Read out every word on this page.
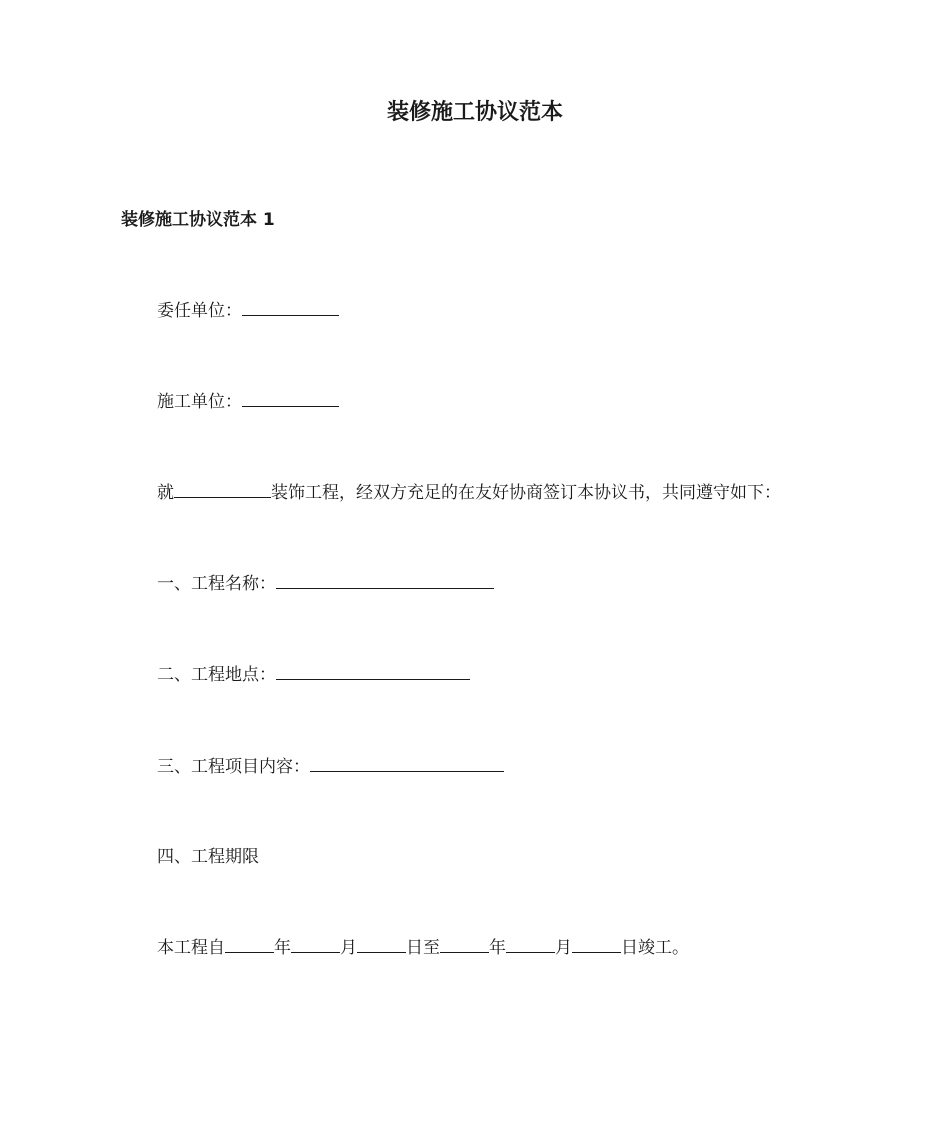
装修施工协议范本
装修施工协议范本 1
委任单位：
施工单位：
就	装饰工程，经双方充足的在友好协商签订本协议书，共同遵守如下：
一、工程名称：
二、工程地点：
三、工程项目内容：
四、工程期限
本工程自	年	月	日至	年	月	日竣工。
